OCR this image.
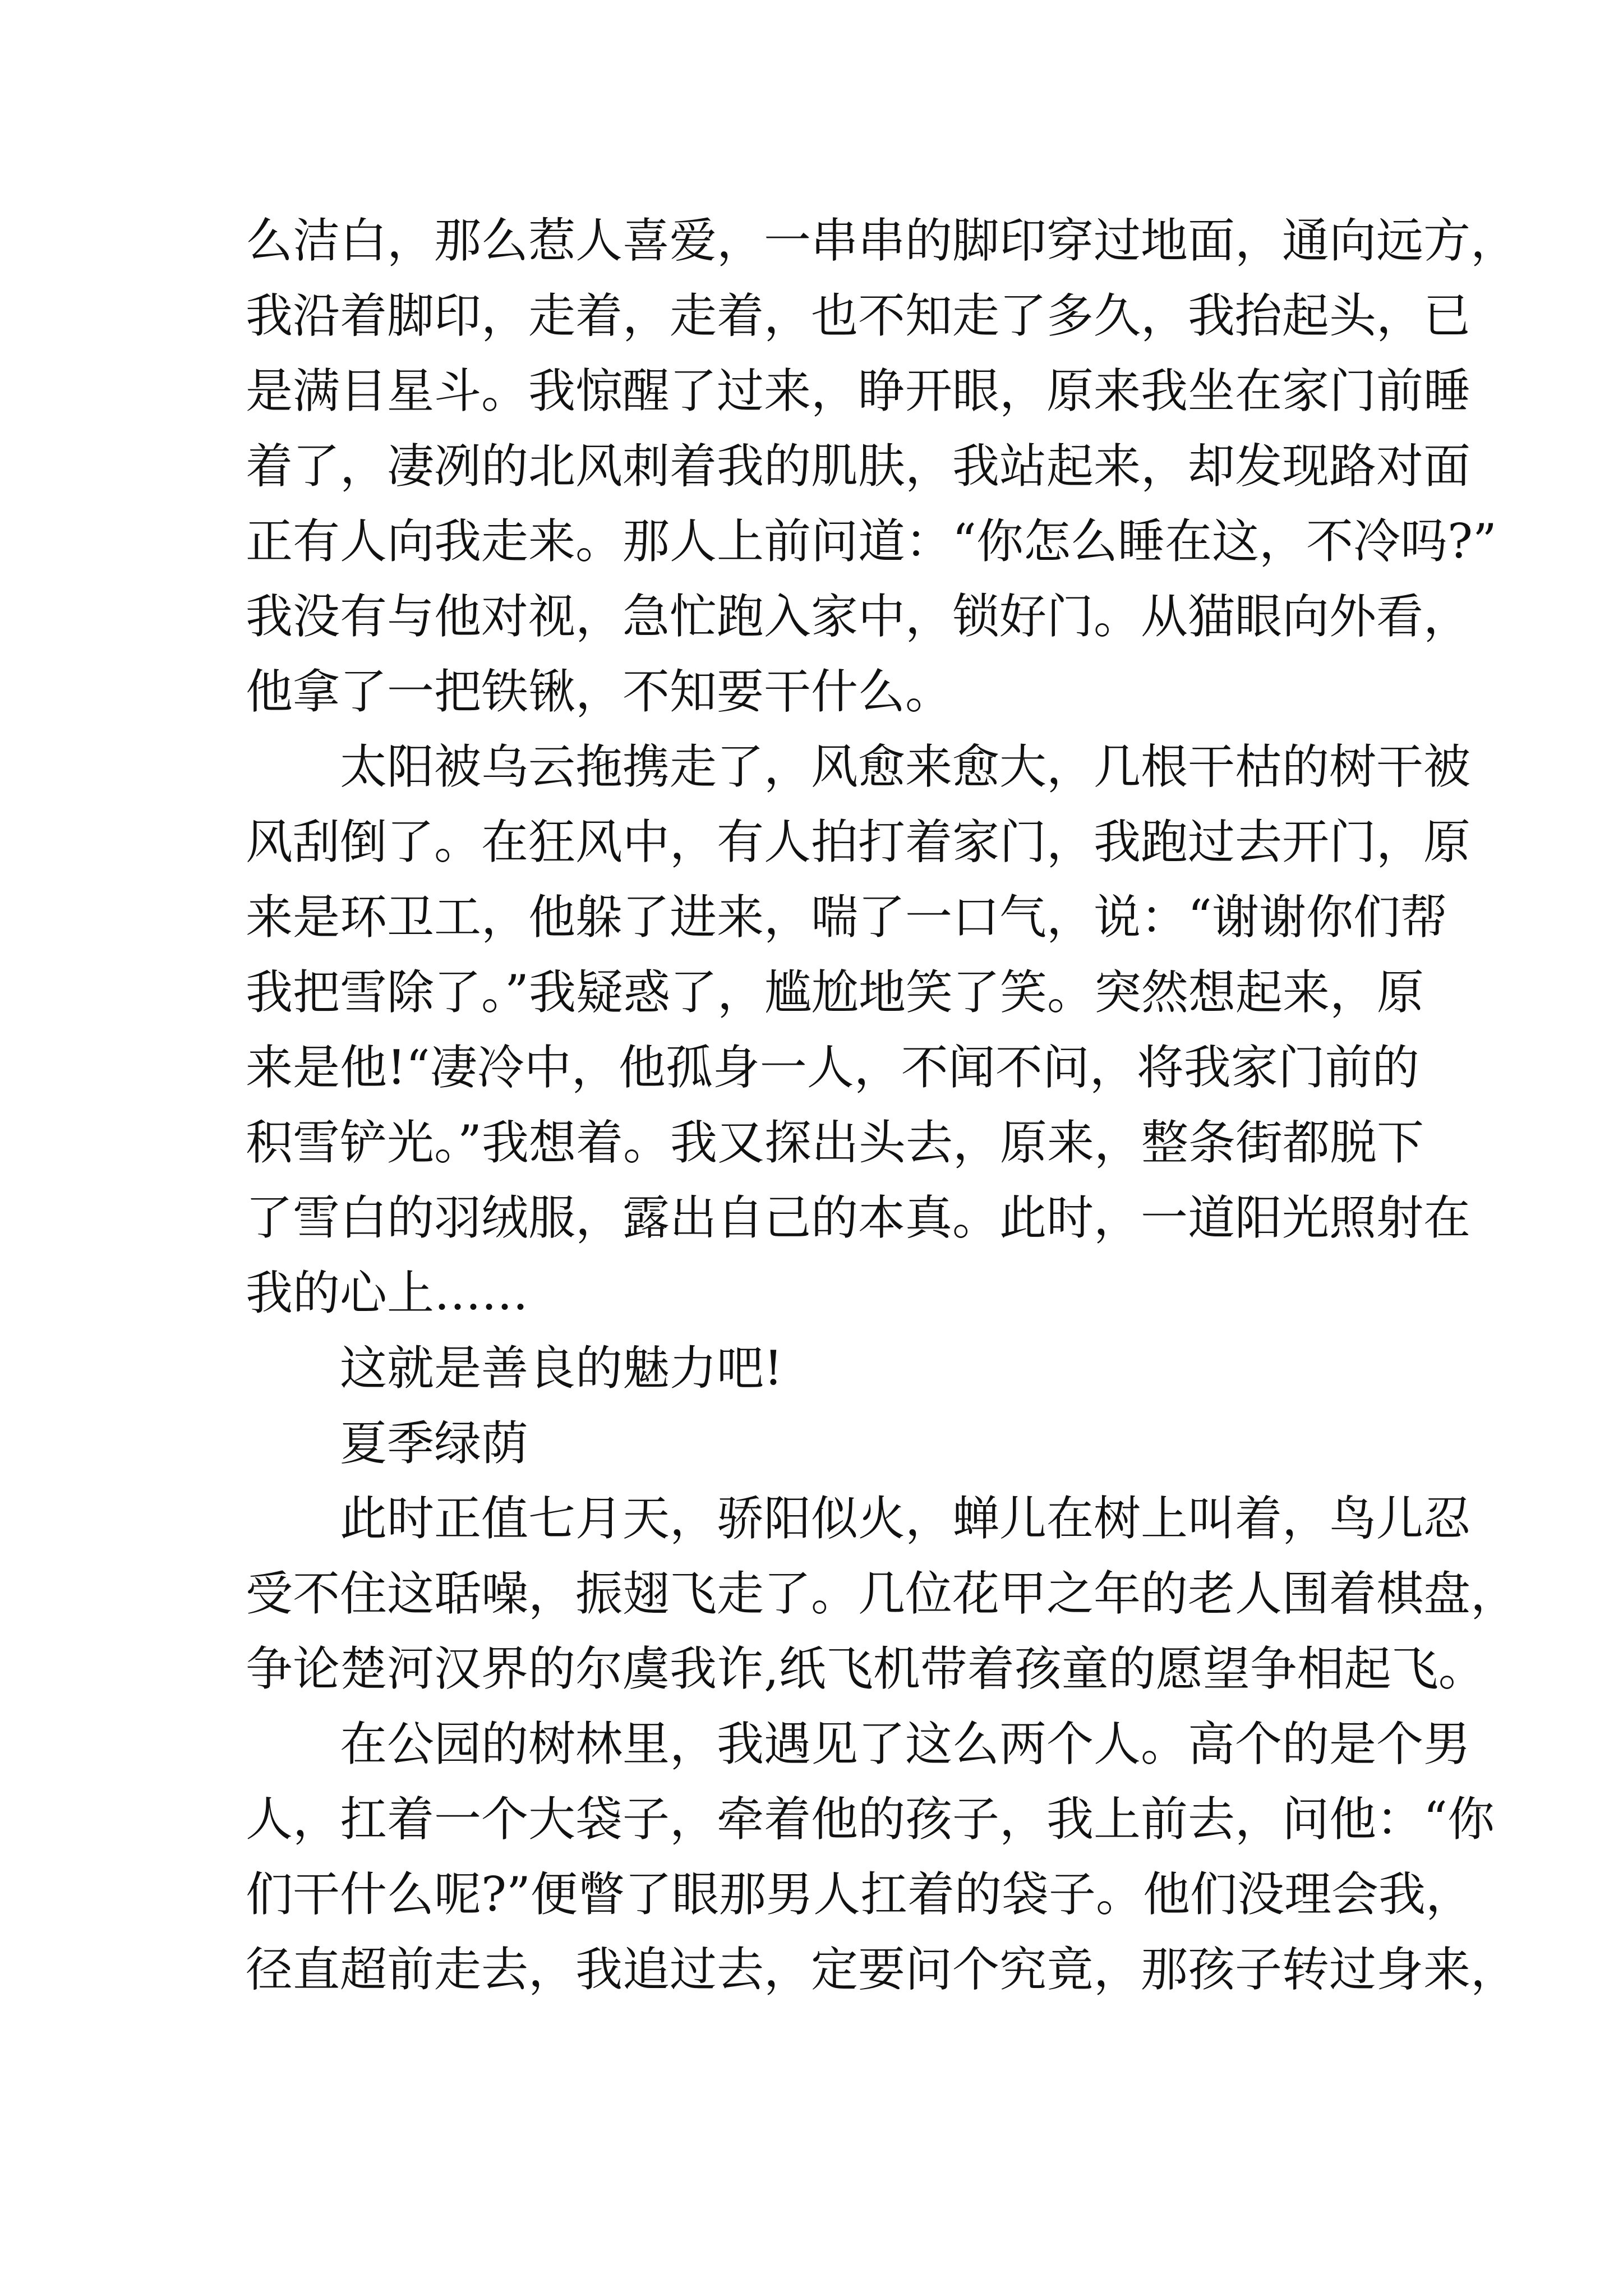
么洁白，那么惹人喜爱，一串串的脚印穿过地面，通向远方，
我沿着脚印，走着，走着，也不知走了多久，我抬起头，已
是满目星斗。我惊醒了过来，睁开眼，原来我坐在家门前睡
着了，凄冽的北风刺着我的肌肤，我站起来，却发现路对面
正有人向我走来。那人上前问道：“你怎么睡在这，不冷吗?”
我没有与他对视，急忙跑入家中，锁好门。从猫眼向外看，
他拿了一把铁锹，不知要干什么。
太阳被乌云拖携走了，风愈来愈大，几根干枯的树干被
风刮倒了。在狂风中，有人拍打着家门，我跑过去开门，原
来是环卫工，他躲了进来，喘了一口气，说：“谢谢你们帮
我把雪除了。”我疑惑了，尴尬地笑了笑。突然想起来，原
来是他!“凄冷中，他孤身一人，不闻不问，将我家门前的
积雪铲光。”我想着。我又探出头去，原来，整条街都脱下
了雪白的羽绒服，露出自己的本真。此时，一道阳光照射在
我的心上……
这就是善良的魅力吧!
夏季绿荫
此时正值七月天，骄阳似火，蝉儿在树上叫着，鸟儿忍
受不住这聒噪，振翅飞走了。几位花甲之年的老人围着棋盘，
争论楚河汉界的尔虞我诈,纸飞机带着孩童的愿望争相起飞。
在公园的树林里，我遇见了这么两个人。高个的是个男
人，扛着一个大袋子，牵着他的孩子，我上前去，问他：“你
们干什么呢?”便瞥了眼那男人扛着的袋子。他们没理会我，
径直超前走去，我追过去，定要问个究竟，那孩子转过身来，
